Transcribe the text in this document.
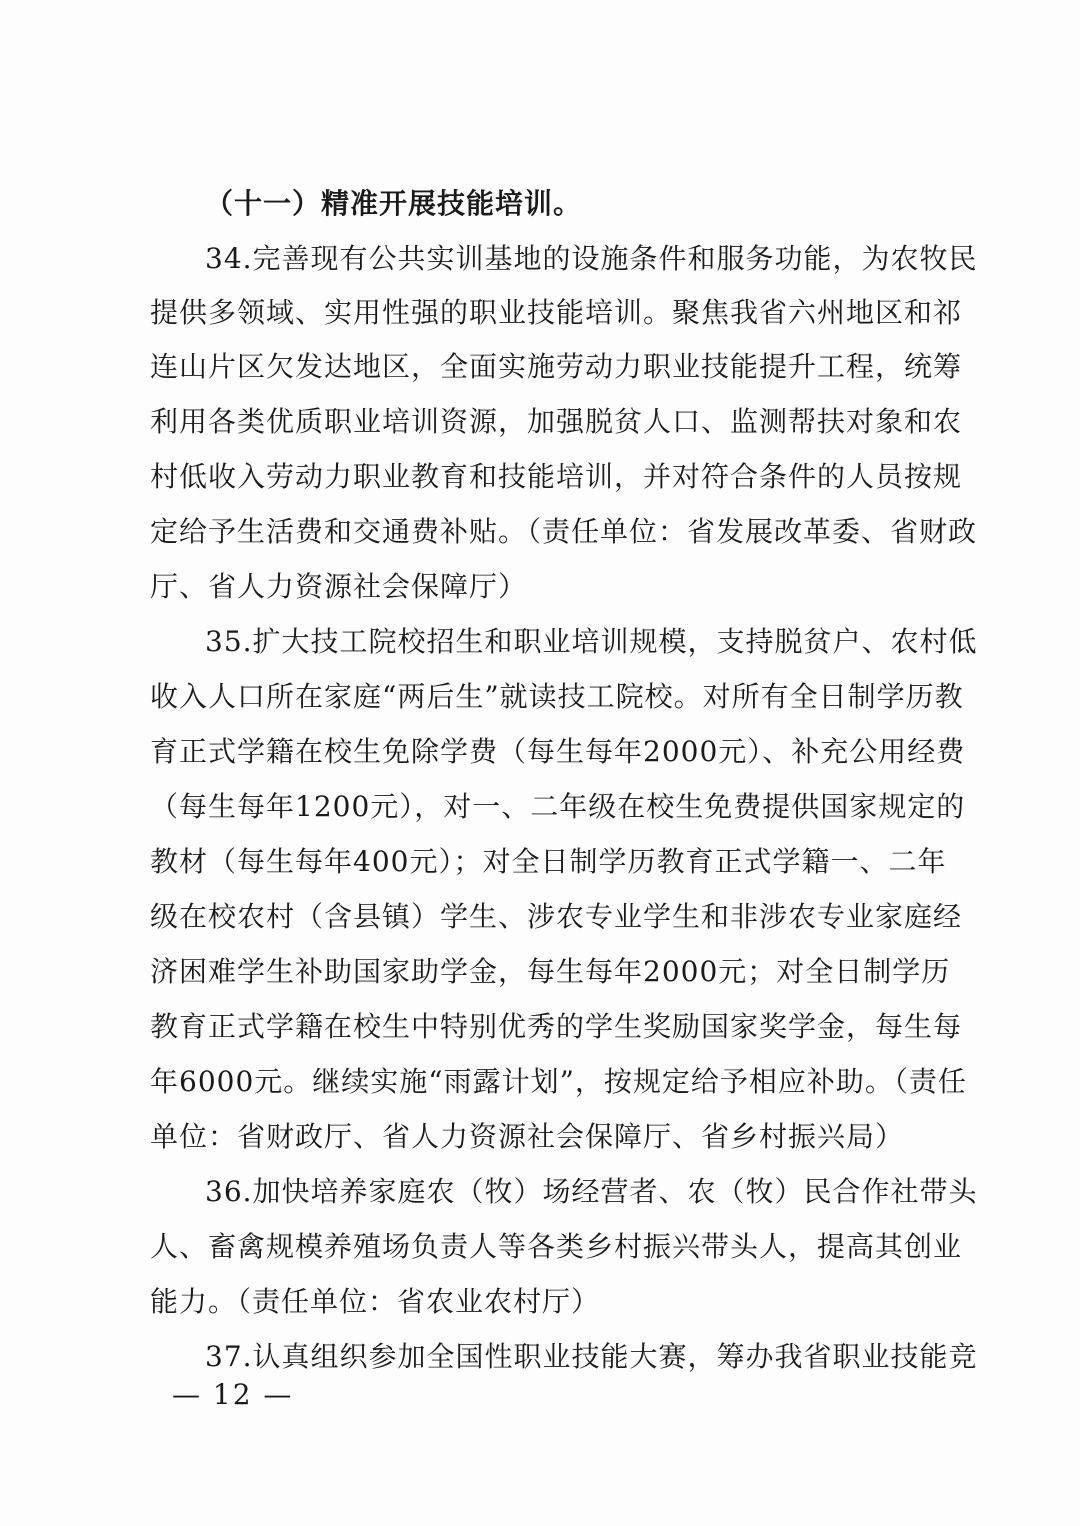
（十一）精准开展技能培训。
34.完善现有公共实训基地的设施条件和服务功能，为农牧民
提供多领域、实用性强的职业技能培训。聚焦我省六州地区和祁
连山片区欠发达地区，全面实施劳动力职业技能提升工程，统筹
利用各类优质职业培训资源，加强脱贫人口、监测帮扶对象和农
村低收入劳动力职业教育和技能培训，并对符合条件的人员按规
定给予生活费和交通费补贴。（责任单位：省发展改革委、省财政
厅、省人力资源社会保障厅）
35.扩大技工院校招生和职业培训规模，支持脱贫户、农村低
收入人口所在家庭“两后生”就读技工院校。对所有全日制学历教
育正式学籍在校生免除学费（每生每年2000元）、补充公用经费
（每生每年1200元），对一、二年级在校生免费提供国家规定的
教材（每生每年400元）；对全日制学历教育正式学籍一、二年
级在校农村（含县镇）学生、涉农专业学生和非涉农专业家庭经
济困难学生补助国家助学金，每生每年2000元；对全日制学历
教育正式学籍在校生中特别优秀的学生奖励国家奖学金，每生每
年6000元。继续实施“雨露计划”，按规定给予相应补助。（责任
单位：省财政厅、省人力资源社会保障厅、省乡村振兴局）
36.加快培养家庭农（牧）场经营者、农（牧）民合作社带头
人、畜禽规模养殖场负责人等各类乡村振兴带头人，提高其创业
能力。（责任单位：省农业农村厅）
37.认真组织参加全国性职业技能大赛，筹办我省职业技能竞
— 12 —
